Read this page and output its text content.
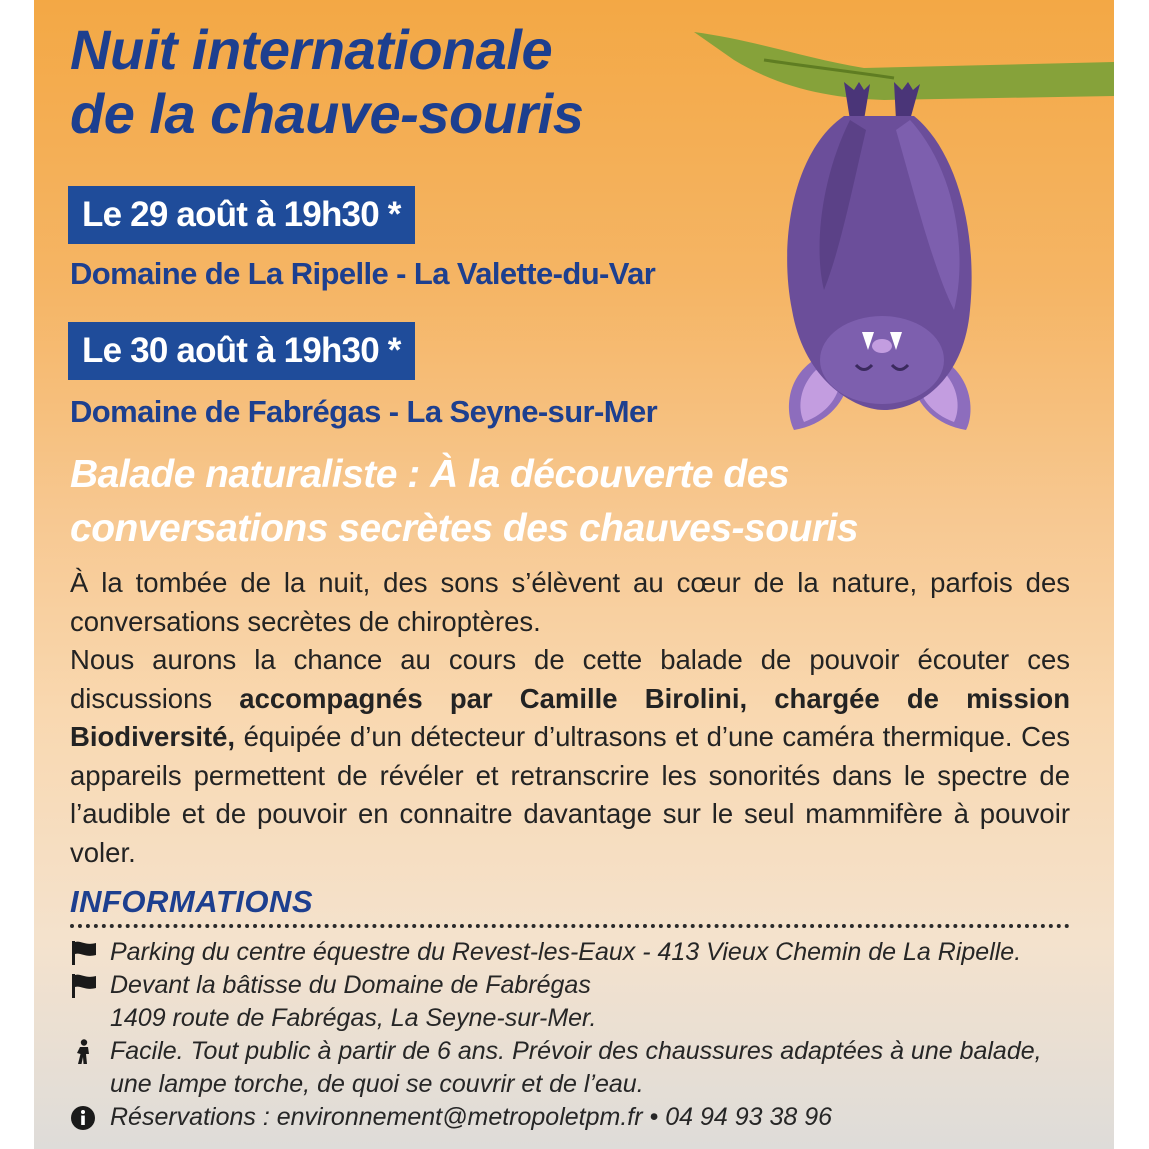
Nuit internationale
de la chauve-souris
Le 29 août à 19h30 *
Domaine de La Ripelle - La Valette-du-Var
Le 30 août à 19h30 *
Domaine de Fabrégas - La Seyne-sur-Mer
Balade naturaliste : À la découverte des
conversations secrètes des chauves-souris

À la tombée de la nuit, des sons s’élèvent au cœur de la nature, parfois des conversations secrètes de chiroptères.

Nous aurons la chance au cours de cette balade de pouvoir écouter ces discussions accompagnés par Camille Birolini, chargée de mission Biodiversité, équipée d’un détecteur d’ultrasons et d’une caméra thermique. Ces appareils permettent de révéler et retranscrire les sonorités dans le spectre de l’audible et de pouvoir en connaitre davantage sur le seul mammifère à pouvoir voler.

INFORMATIONS
Parking du centre équestre du Revest-les-Eaux - 413 Vieux Chemin de La Ripelle.
Devant la bâtisse du Domaine de Fabrégas
1409 route de Fabrégas, La Seyne-sur-Mer.
Facile. Tout public à partir de 6 ans. Prévoir des chaussures adaptées à une balade,
une lampe torche, de quoi se couvrir et de l’eau.
Réservations : environnement@metropoletpm.fr • 04 94 93 38 96
